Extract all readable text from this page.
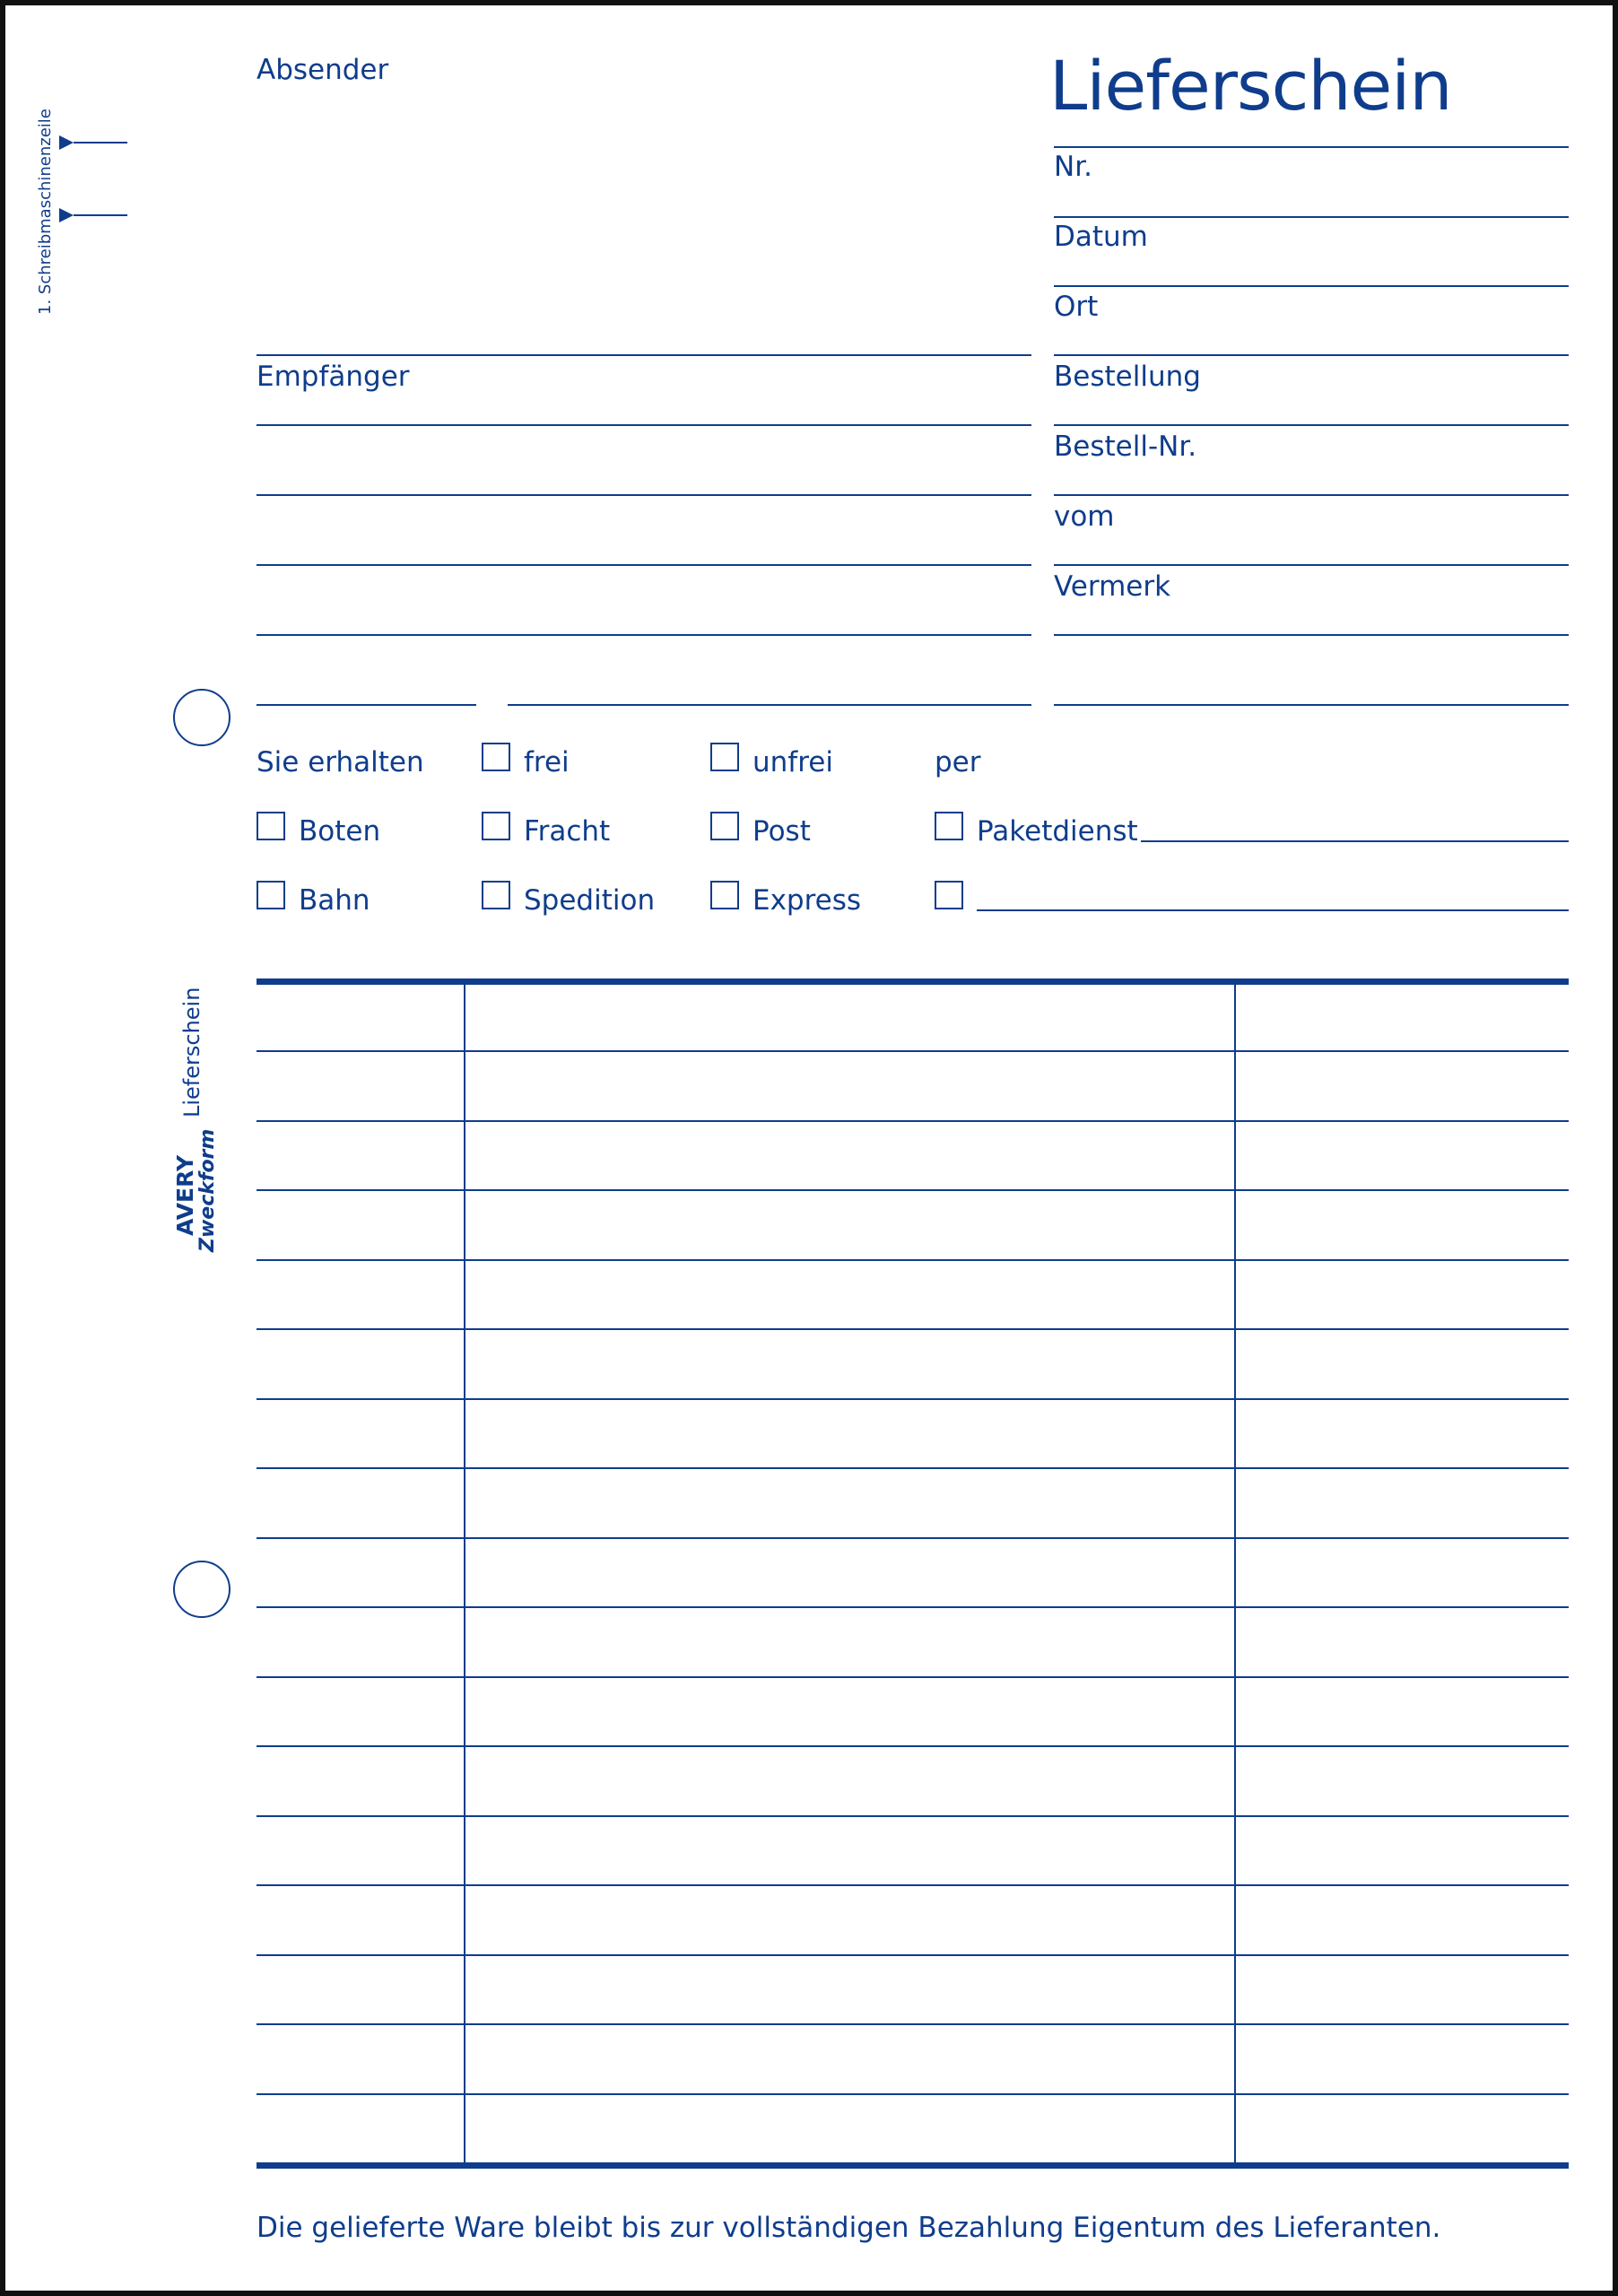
1. Schreibmaschinenzeile
Absender
Empfänger
Lieferschein
Nr.
Datum
Ort
Bestellung
Bestell-Nr.
vom
Vermerk
Sie erhalten	frei	unfrei	per
Boten	Fracht	Post	Paketdienst
Bahn	Spedition	Express
Lieferschein
AVERY
Zweckform
Die gelieferte Ware bleibt bis zur vollständigen Bezahlung Eigentum des Lieferanten.
